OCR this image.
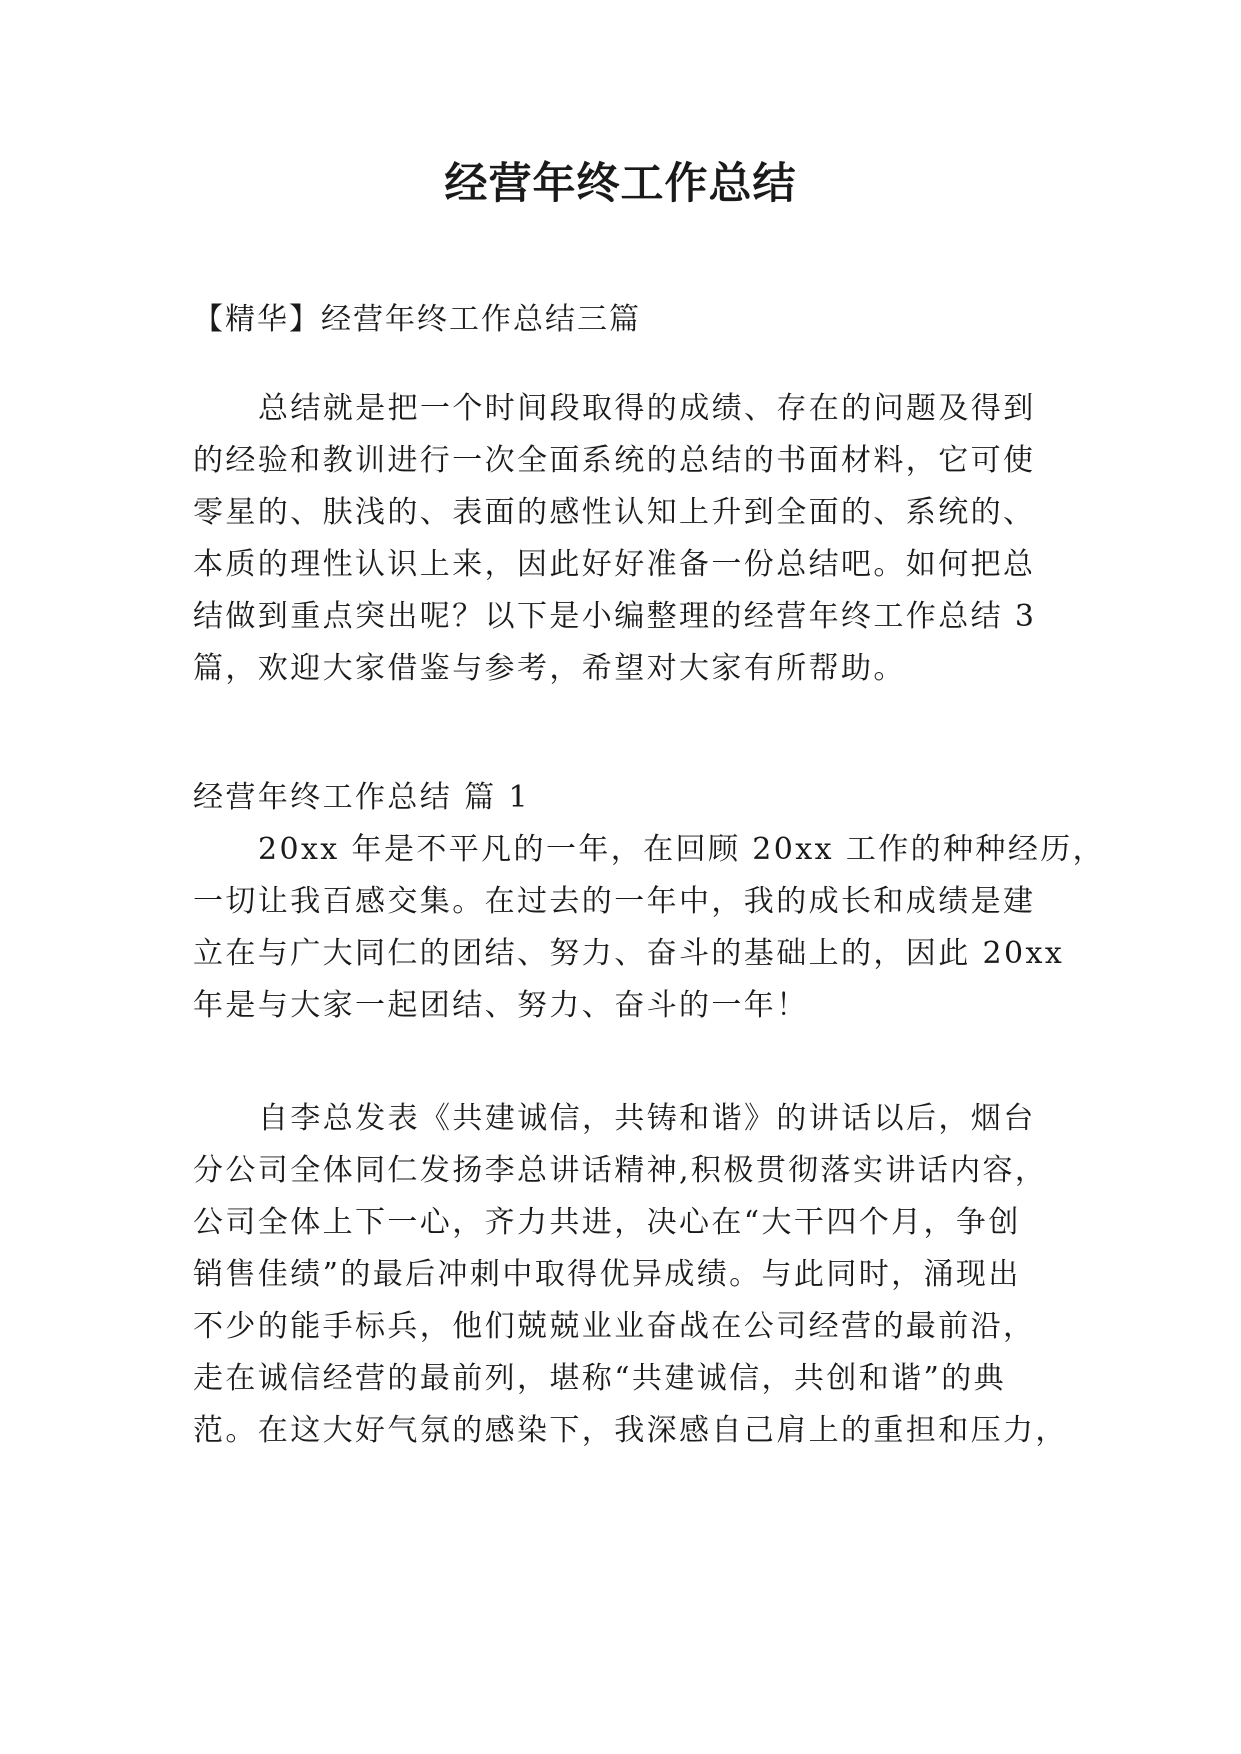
经营年终工作总结

【精华】经营年终工作总结三篇

总结就是把一个时间段取得的成绩、存在的问题及得到

的经验和教训进行一次全面系统的总结的书面材料，它可使

零星的、肤浅的、表面的感性认知上升到全面的、系统的、

本质的理性认识上来，因此好好准备一份总结吧。如何把总

结做到重点突出呢？以下是小编整理的经营年终工作总结 3

篇，欢迎大家借鉴与参考，希望对大家有所帮助。

经营年终工作总结 篇 1

20xx 年是不平凡的一年，在回顾 20xx 工作的种种经历，

一切让我百感交集。在过去的一年中，我的成长和成绩是建

立在与广大同仁的团结、努力、奋斗的基础上的，因此 20xx

年是与大家一起团结、努力、奋斗的一年！

自李总发表《共建诚信，共铸和谐》的讲话以后，烟台

分公司全体同仁发扬李总讲话精神,积极贯彻落实讲话内容，

公司全体上下一心，齐力共进，决心在“大干四个月，争创

销售佳绩”的最后冲刺中取得优异成绩。与此同时，涌现出

不少的能手标兵，他们兢兢业业奋战在公司经营的最前沿，

走在诚信经营的最前列，堪称“共建诚信，共创和谐”的典

范。在这大好气氛的感染下，我深感自己肩上的重担和压力，
